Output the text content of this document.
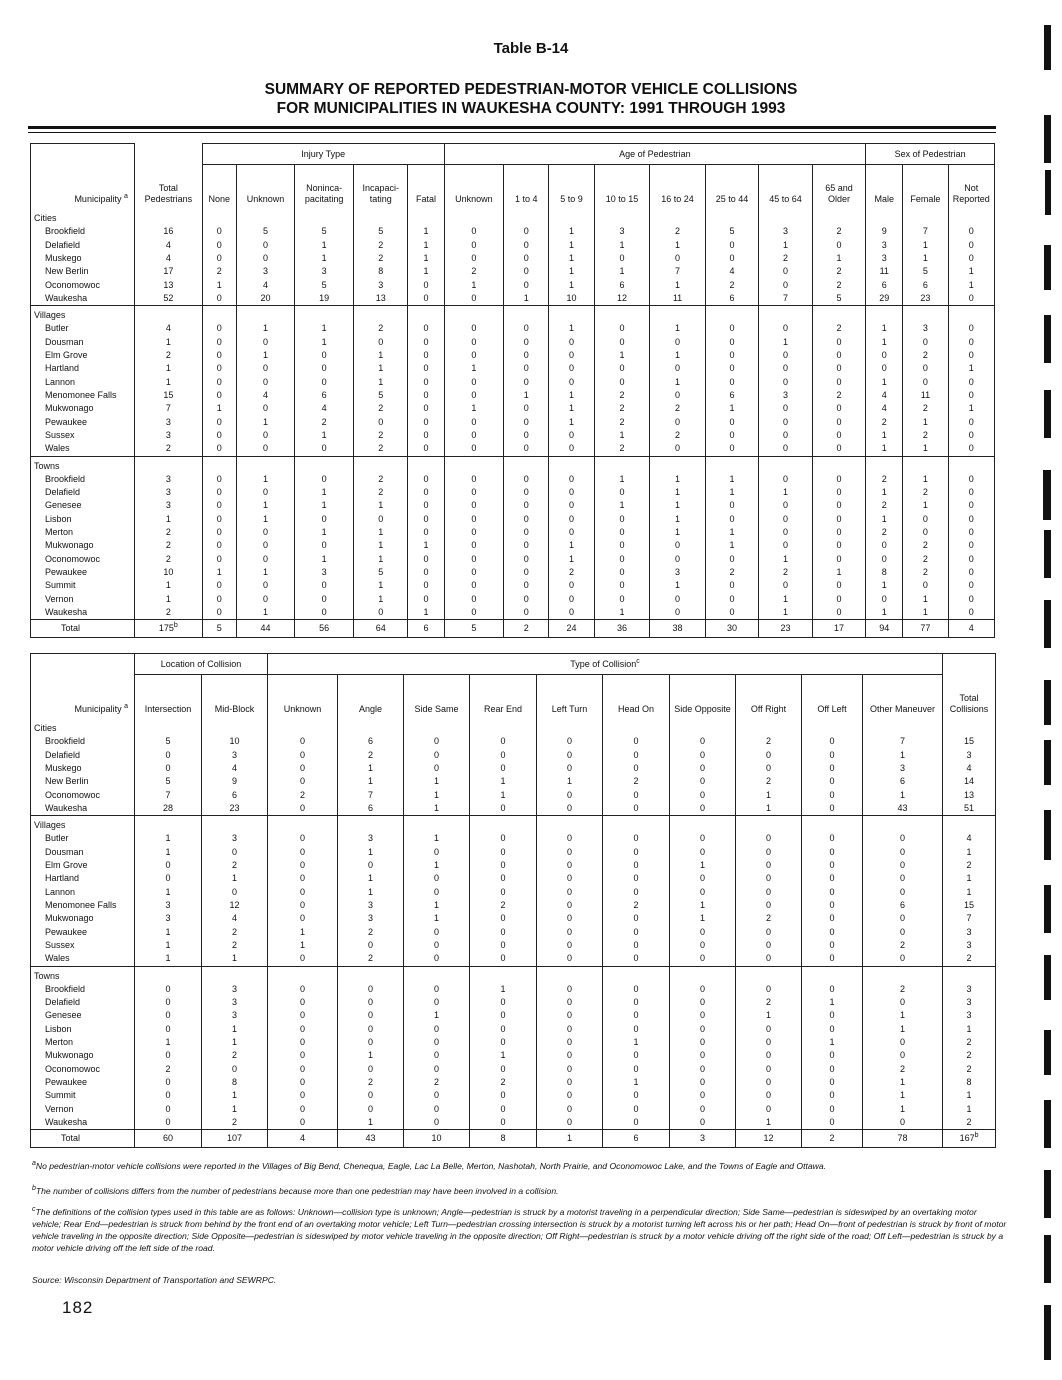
Table B-14
SUMMARY OF REPORTED PEDESTRIAN-MOTOR VEHICLE COLLISIONS
FOR MUNICIPALITIES IN WAUKESHA COUNTY: 1991 THROUGH 1993
Municipality $^a$	Total Pedestrians	Injury Type					Age of Pedestrian								Sex of Pedestrian		
		None	Unknown	Noninca- pacitating	Incapaci- tating	Fatal	Unknown	1 to 4	5 to 9	10 to 15	16 to 24	25 to 44	45 to 64	65 and Older	Male	Female	Not Reported
Cities																	
Brookfield	16	0	5	5	5	1	0	0	1	3	2	5	3	2	9	7	0
Delafield	4	0	0	1	2	1	0	0	1	1	1	0	1	0	3	1	0
Muskego	4	0	0	1	2	1	0	0	1	0	0	0	2	1	3	1	0
New Berlin	17	2	3	3	8	1	2	0	1	1	7	4	0	2	11	5	1
Oconomowoc	13	1	4	5	3	0	1	0	1	6	1	2	0	2	6	6	1
Waukesha	52	0	20	19	13	0	0	1	10	12	11	6	7	5	29	23	0
Villages																	
Butler	4	0	1	1	2	0	0	0	1	0	1	0	0	2	1	3	0
Dousman	1	0	0	1	0	0	0	0	0	0	0	0	1	0	1	0	0
Elm Grove	2	0	1	0	1	0	0	0	0	1	1	0	0	0	0	2	0
Hartland	1	0	0	0	1	0	1	0	0	0	0	0	0	0	0	0	1
Lannon	1	0	0	0	1	0	0	0	0	0	1	0	0	0	1	0	0
Menomonee Falls	15	0	4	6	5	0	0	1	1	2	0	6	3	2	4	11	0
Mukwonago	7	1	0	4	2	0	1	0	1	2	2	1	0	0	4	2	1
Pewaukee	3	0	1	2	0	0	0	0	1	2	0	0	0	0	2	1	0
Sussex	3	0	0	1	2	0	0	0	0	1	2	0	0	0	1	2	0
Wales	2	0	0	0	2	0	0	0	0	2	0	0	0	0	1	1	0
Towns																	
Brookfield	3	0	1	0	2	0	0	0	0	1	1	1	0	0	2	1	0
Delafield	3	0	0	1	2	0	0	0	0	0	1	1	1	0	1	2	0
Genesee	3	0	1	1	1	0	0	0	0	1	1	0	0	0	2	1	0
Lisbon	1	0	1	0	0	0	0	0	0	0	1	0	0	0	1	0	0
Merton	2	0	0	1	1	0	0	0	0	0	1	1	0	0	2	0	0
Mukwonago	2	0	0	0	1	1	0	0	1	0	0	1	0	0	0	2	0
Oconomowoc	2	0	0	1	1	0	0	0	1	0	0	0	1	0	0	2	0
Pewaukee	10	1	1	3	5	0	0	0	2	0	3	2	2	1	8	2	0
Summit	1	0	0	0	1	0	0	0	0	0	1	0	0	0	1	0	0
Vernon	1	0	0	0	1	0	0	0	0	0	0	0	1	0	0	1	0
Waukesha	2	0	1	0	0	1	0	0	0	1	0	0	1	0	1	1	0
Total	175$^b$	5	44	56	64	6	5	2	24	36	38	30	23	17	94	77	4
Municipality $^a$	Location of Collision		Type of Collision$^c$										Total Collisions
	Intersection	Mid-Block	Unknown	Angle	Side Same	Rear End	Left Turn	Head On	Side Opposite	Off Right	Off Left	Other Maneuver	
Cities													
Brookfield	5	10	0	6	0	0	0	0	0	2	0	7	15
Delafield	0	3	0	2	0	0	0	0	0	0	0	1	3
Muskego	0	4	0	1	0	0	0	0	0	0	0	3	4
New Berlin	5	9	0	1	1	1	1	2	0	2	0	6	14
Oconomowoc	7	6	2	7	1	1	0	0	0	1	0	1	13
Waukesha	28	23	0	6	1	0	0	0	0	1	0	43	51
Villages													
Butler	1	3	0	3	1	0	0	0	0	0	0	0	4
Dousman	1	0	0	1	0	0	0	0	0	0	0	0	1
Elm Grove	0	2	0	0	1	0	0	0	1	0	0	0	2
Hartland	0	1	0	1	0	0	0	0	0	0	0	0	1
Lannon	1	0	0	1	0	0	0	0	0	0	0	0	1
Menomonee Falls	3	12	0	3	1	2	0	2	1	0	0	6	15
Mukwonago	3	4	0	3	1	0	0	0	1	2	0	0	7
Pewaukee	1	2	1	2	0	0	0	0	0	0	0	0	3
Sussex	1	2	1	0	0	0	0	0	0	0	0	2	3
Wales	1	1	0	2	0	0	0	0	0	0	0	0	2
Towns													
Brookfield	0	3	0	0	0	1	0	0	0	0	0	2	3
Delafield	0	3	0	0	0	0	0	0	0	2	1	0	3
Genesee	0	3	0	0	1	0	0	0	0	1	0	1	3
Lisbon	0	1	0	0	0	0	0	0	0	0	0	1	1
Merton	1	1	0	0	0	0	0	1	0	0	1	0	2
Mukwonago	0	2	0	1	0	1	0	0	0	0	0	0	2
Oconomowoc	2	0	0	0	0	0	0	0	0	0	0	2	2
Pewaukee	0	8	0	2	2	2	0	1	0	0	0	1	8
Summit	0	1	0	0	0	0	0	0	0	0	0	1	1
Vernon	0	1	0	0	0	0	0	0	0	0	0	1	1
Waukesha	0	2	0	1	0	0	0	0	0	1	0	0	2
Total	60	107	4	43	10	8	1	6	3	12	2	78	167$^b$
$^a$No pedestrian-motor vehicle collisions were reported in the Villages of Big Bend, Chenequa, Eagle, Lac La Belle, Merton, Nashotah, North Prairie, and Oconomowoc Lake, and the Towns of Eagle and Ottawa.
$^b$The number of collisions differs from the number of pedestrians because more than one pedestrian may have been involved in a collision.
$^c$The definitions of the collision types used in this table are as follows: Unknown—collision type is unknown; Angle—pedestrian is struck by a motorist traveling in a perpendicular direction; Side Same—pedestrian is sideswiped by an overtaking motor vehicle; Rear End—pedestrian is struck from behind by the front end of an overtaking motor vehicle; Left Turn—pedestrian crossing intersection is struck by a motorist turning left across his or her path; Head On—front of pedestrian is struck by front of motor vehicle traveling in the opposite direction; Side Opposite—pedestrian is sideswiped by motor vehicle traveling in the opposite direction; Off Right—pedestrian is struck by a motor vehicle driving off the right side of the road; Off Left—pedestrian is struck by a motor vehicle driving off the left side of the road.
Source: Wisconsin Department of Transportation and SEWRPC.
182
